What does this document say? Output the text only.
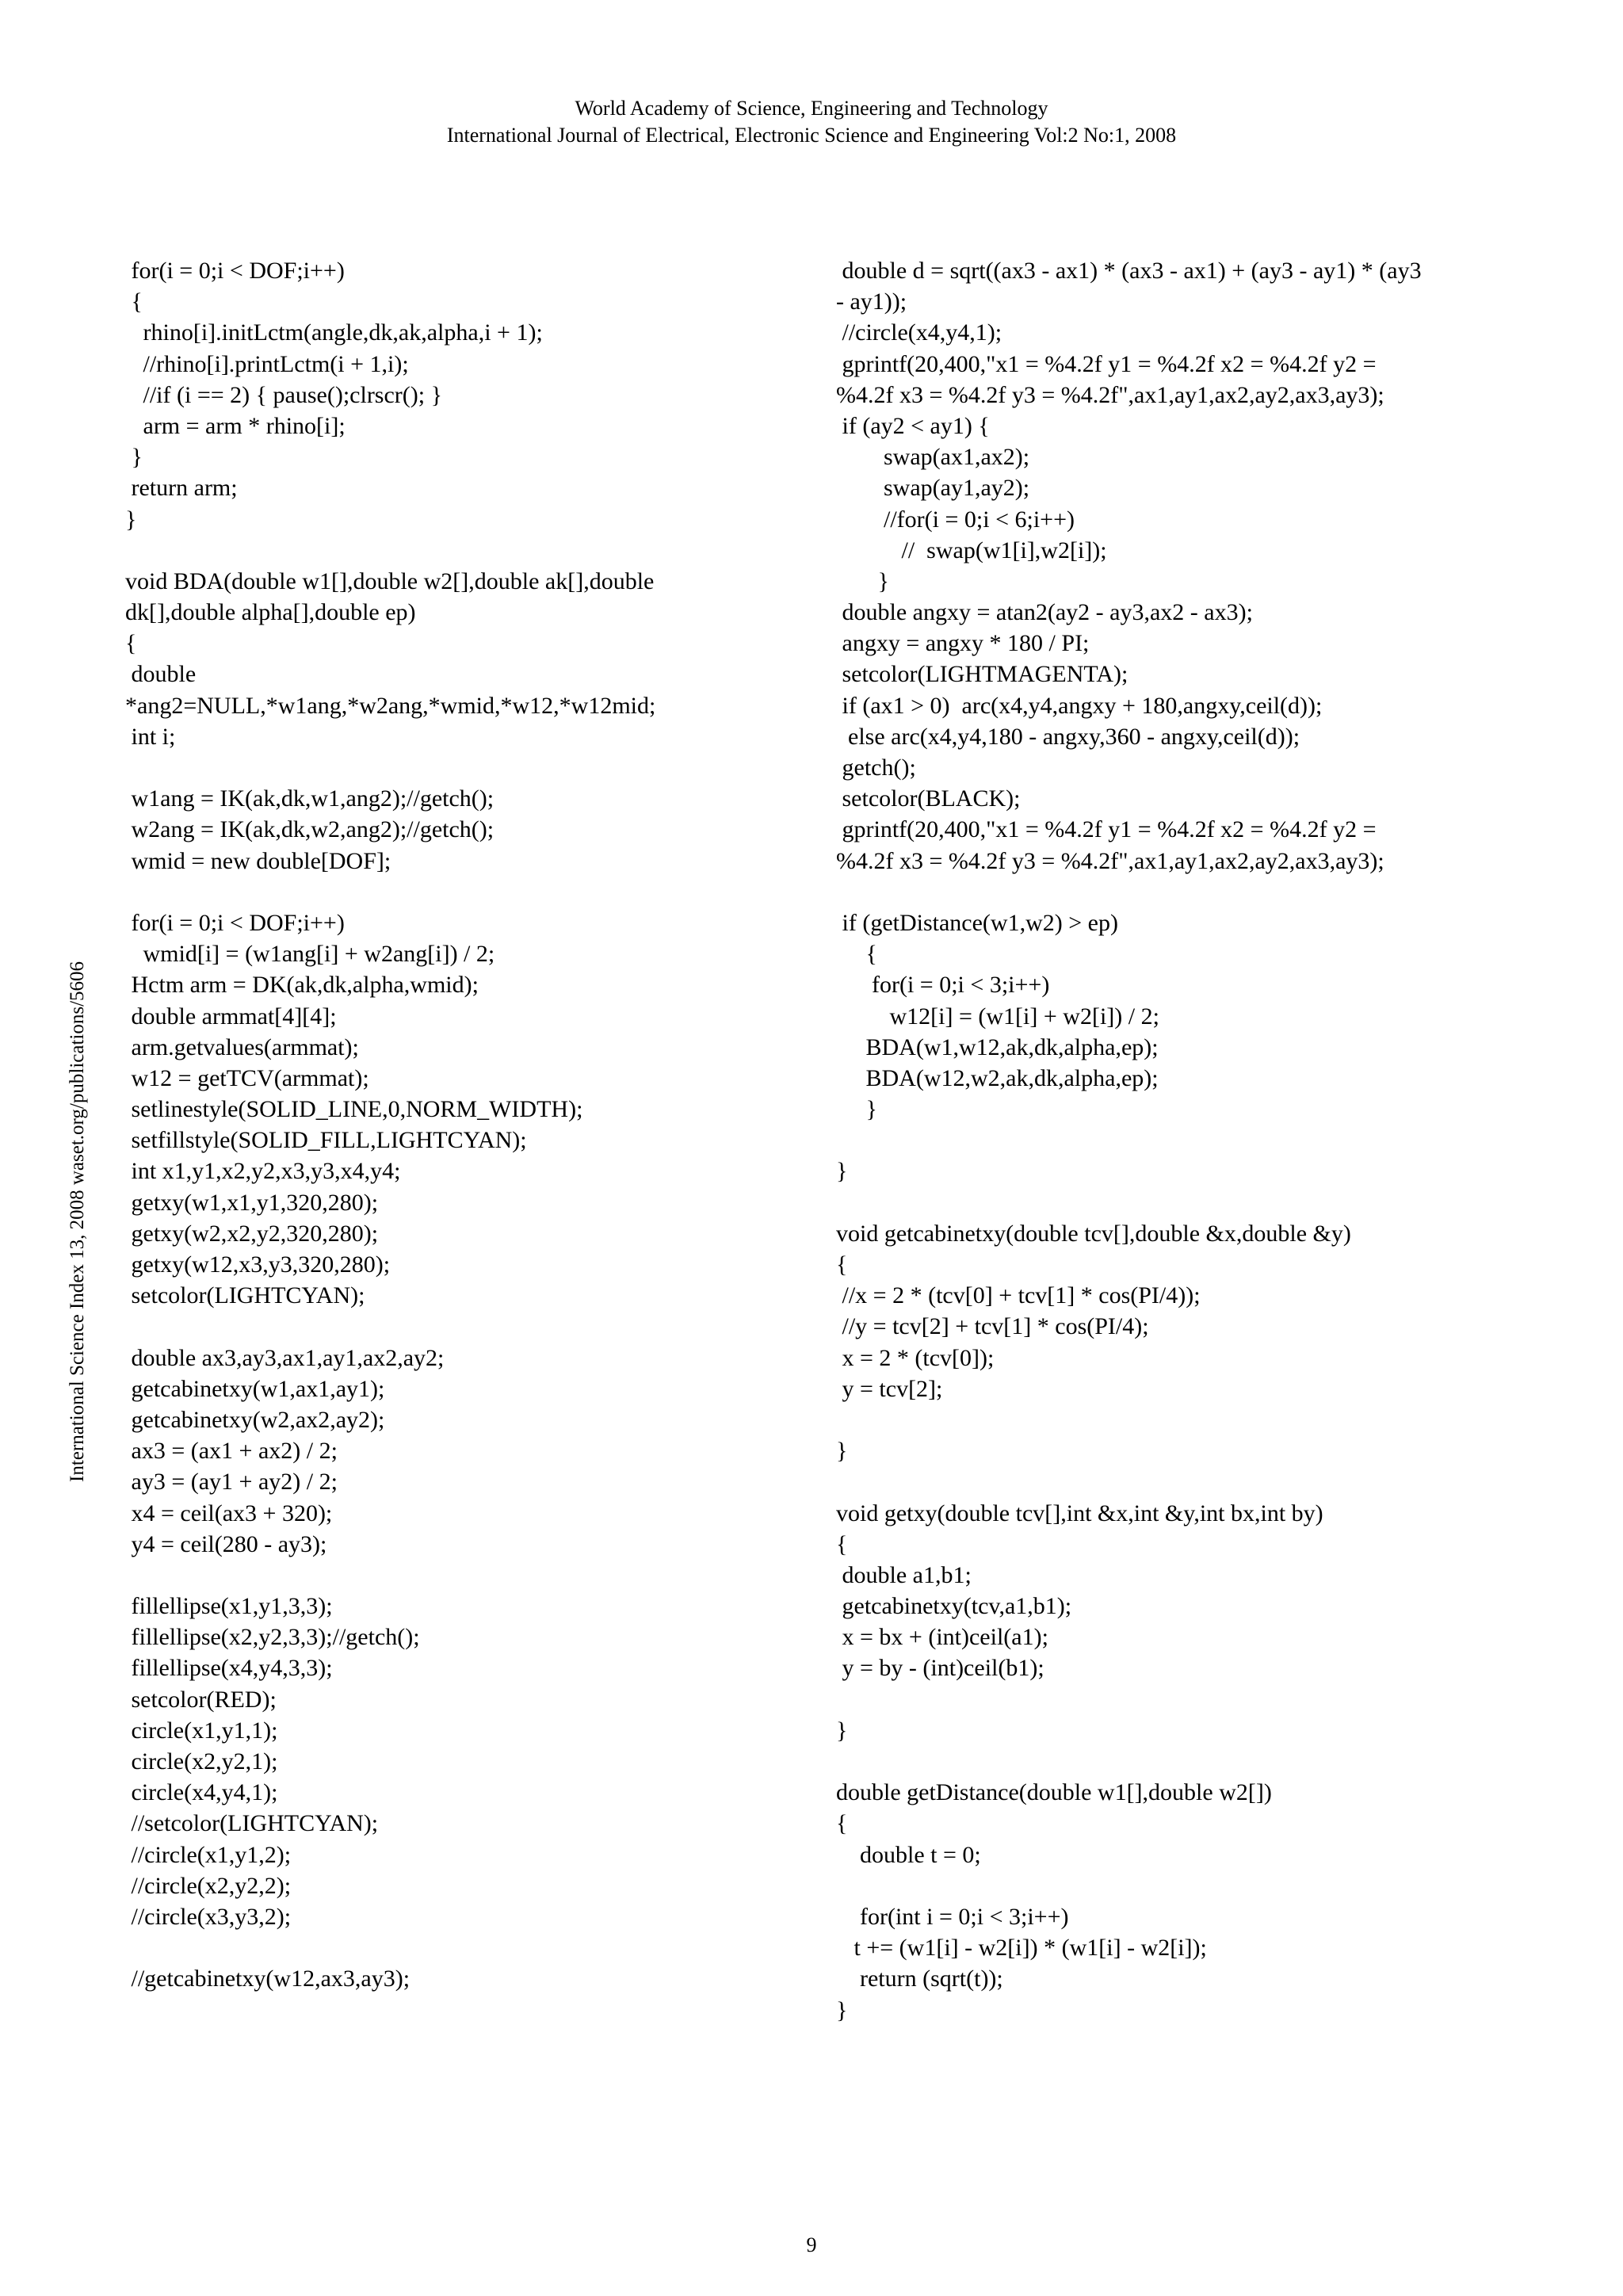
World Academy of Science, Engineering and Technology
International Journal of Electrical, Electronic Science and Engineering Vol:2 No:1, 2008
International Science Index 13, 2008 waset.org/publications/5606
for(i = 0;i < DOF;i++)
{
rhino[i].initLctm(angle,dk,ak,alpha,i + 1);
//rhino[i].printLctm(i + 1,i);
//if (i == 2) { pause();clrscr(); }
arm = arm * rhino[i];
}
return arm;
}
void BDA(double w1[],double w2[],double ak[],double
dk[],double alpha[],double ep)
{
double
*ang2=NULL,*w1ang,*w2ang,*wmid,*w12,*w12mid;
int i;
w1ang = IK(ak,dk,w1,ang2);//getch();
w2ang = IK(ak,dk,w2,ang2);//getch();
wmid = new double[DOF];
for(i = 0;i < DOF;i++)
wmid[i] = (w1ang[i] + w2ang[i]) / 2;
Hctm arm = DK(ak,dk,alpha,wmid);
double armmat[4][4];
arm.getvalues(armmat);
w12 = getTCV(armmat);
setlinestyle(SOLID_LINE,0,NORM_WIDTH);
setfillstyle(SOLID_FILL,LIGHTCYAN);
int x1,y1,x2,y2,x3,y3,x4,y4;
getxy(w1,x1,y1,320,280);
getxy(w2,x2,y2,320,280);
getxy(w12,x3,y3,320,280);
setcolor(LIGHTCYAN);
double ax3,ay3,ax1,ay1,ax2,ay2;
getcabinetxy(w1,ax1,ay1);
getcabinetxy(w2,ax2,ay2);
ax3 = (ax1 + ax2) / 2;
ay3 = (ay1 + ay2) / 2;
x4 = ceil(ax3 + 320);
y4 = ceil(280 - ay3);
fillellipse(x1,y1,3,3);
fillellipse(x2,y2,3,3);//getch();
fillellipse(x4,y4,3,3);
setcolor(RED);
circle(x1,y1,1);
circle(x2,y2,1);
circle(x4,y4,1);
//setcolor(LIGHTCYAN);
//circle(x1,y1,2);
//circle(x2,y2,2);
//circle(x3,y3,2);
//getcabinetxy(w12,ax3,ay3);
double d = sqrt((ax3 - ax1) * (ax3 - ax1) + (ay3 - ay1) * (ay3
- ay1));
//circle(x4,y4,1);
gprintf(20,400,"x1 = %4.2f y1 = %4.2f x2 = %4.2f y2 =
%4.2f x3 = %4.2f y3 = %4.2f",ax1,ay1,ax2,ay2,ax3,ay3);
if (ay2 < ay1) {
swap(ax1,ax2);
swap(ay1,ay2);
//for(i = 0;i < 6;i++)
//  swap(w1[i],w2[i]);
}
double angxy = atan2(ay2 - ay3,ax2 - ax3);
angxy = angxy * 180 / PI;
setcolor(LIGHTMAGENTA);
if (ax1 > 0)  arc(x4,y4,angxy + 180,angxy,ceil(d));
else arc(x4,y4,180 - angxy,360 - angxy,ceil(d));
getch();
setcolor(BLACK);
gprintf(20,400,"x1 = %4.2f y1 = %4.2f x2 = %4.2f y2 =
%4.2f x3 = %4.2f y3 = %4.2f",ax1,ay1,ax2,ay2,ax3,ay3);
if (getDistance(w1,w2) > ep)
{
for(i = 0;i < 3;i++)
w12[i] = (w1[i] + w2[i]) / 2;
BDA(w1,w12,ak,dk,alpha,ep);
BDA(w12,w2,ak,dk,alpha,ep);
}
}
void getcabinetxy(double tcv[],double &x,double &y)
{
//x = 2 * (tcv[0] + tcv[1] * cos(PI/4));
//y = tcv[2] + tcv[1] * cos(PI/4);
x = 2 * (tcv[0]);
y = tcv[2];
}
void getxy(double tcv[],int &x,int &y,int bx,int by)
{
double a1,b1;
getcabinetxy(tcv,a1,b1);
x = bx + (int)ceil(a1);
y = by - (int)ceil(b1);
}
double getDistance(double w1[],double w2[])
{
double t = 0;
for(int i = 0;i < 3;i++)
t += (w1[i] - w2[i]) * (w1[i] - w2[i]);
return (sqrt(t));
}
9
